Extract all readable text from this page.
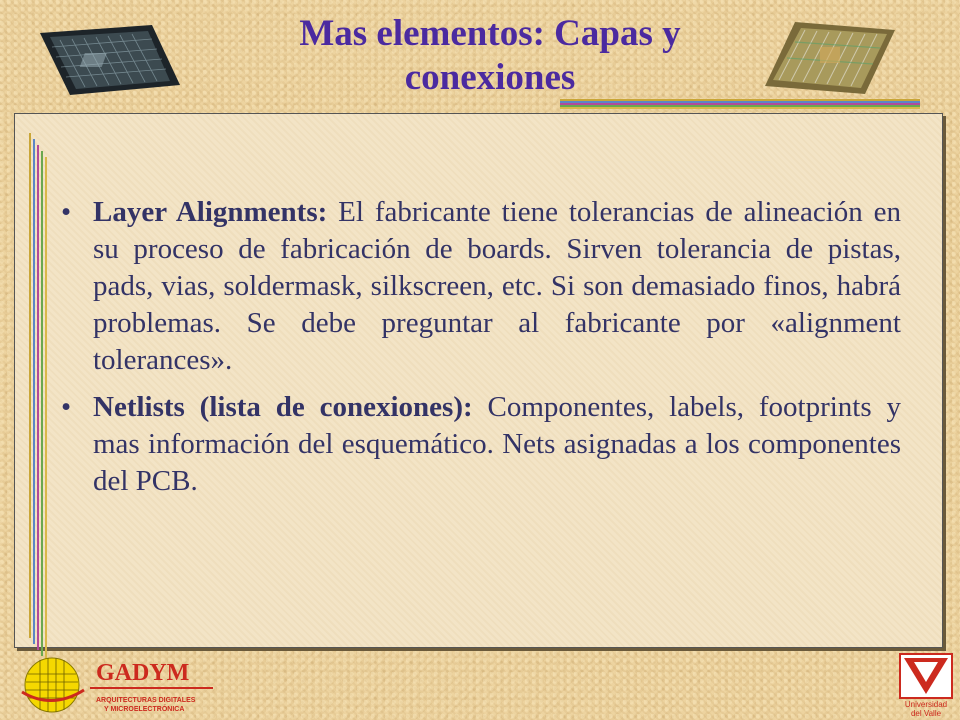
Mas elementos: Capas y
conexiones
• Layer Alignments: El fabricante tiene tolerancias de alineación en su proceso de fabricación de boards. Sirven tolerancia de pistas, pads, vias, soldermask, silkscreen, etc. Si son demasiado finos, habrá problemas. Se debe preguntar al fabricante por «alignment tolerances».
• Netlists (lista de conexiones): Componentes, labels, footprints y mas información del esquemático. Nets asignadas a los componentes del PCB.
GADYM
ARQUITECTURAS DIGITALES
Y MICROELECTRÓNICA
Universidad
del Valle
